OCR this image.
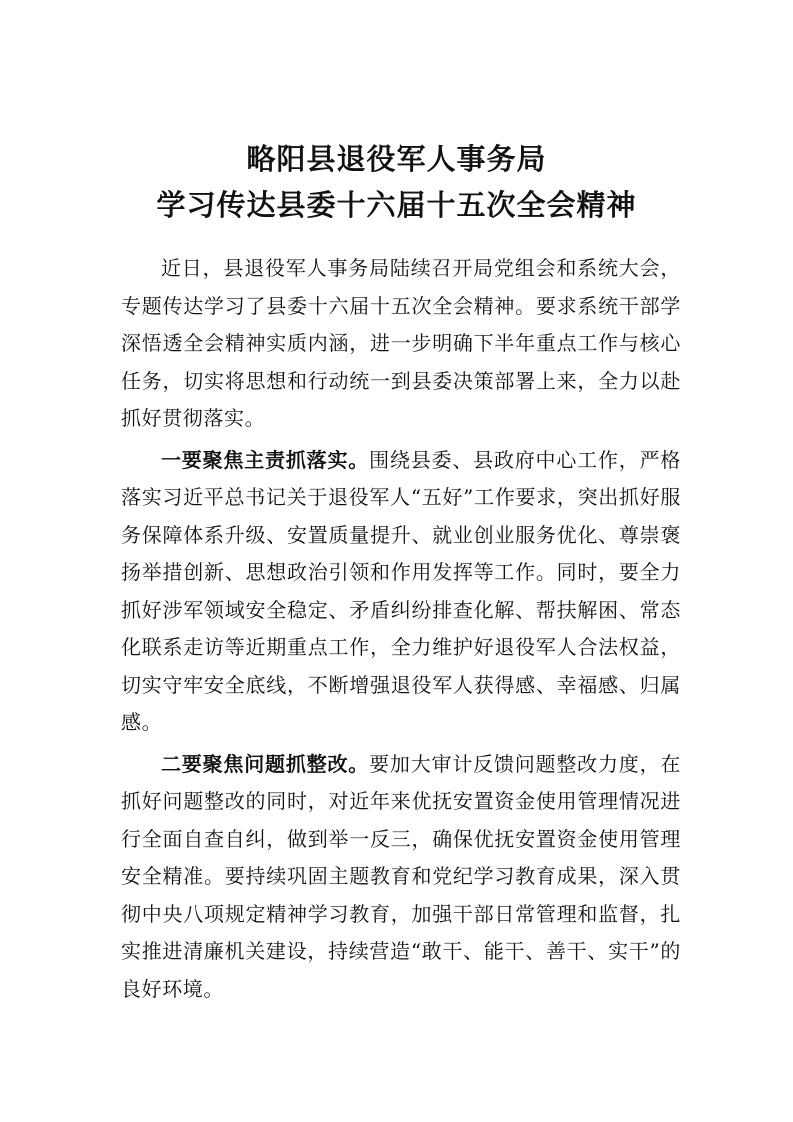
略阳县退役军人事务局
学习传达县委十六届十五次全会精神

近日，县退役军人事务局陆续召开局党组会和系统大会，专题传达学习了县委十六届十五次全会精神。要求系统干部学深悟透全会精神实质内涵，进一步明确下半年重点工作与核心任务，切实将思想和行动统一到县委决策部署上来，全力以赴抓好贯彻落实。

一要聚焦主责抓落实。围绕县委、县政府中心工作，严格落实习近平总书记关于退役军人“五好”工作要求，突出抓好服务保障体系升级、安置质量提升、就业创业服务优化、尊崇褒扬举措创新、思想政治引领和作用发挥等工作。同时，要全力抓好涉军领域安全稳定、矛盾纠纷排查化解、帮扶解困、常态化联系走访等近期重点工作，全力维护好退役军人合法权益，切实守牢安全底线，不断增强退役军人获得感、幸福感、归属感。

二要聚焦问题抓整改。要加大审计反馈问题整改力度，在抓好问题整改的同时，对近年来优抚安置资金使用管理情况进行全面自查自纠，做到举一反三，确保优抚安置资金使用管理安全精准。要持续巩固主题教育和党纪学习教育成果，深入贯彻中央八项规定精神学习教育，加强干部日常管理和监督，扎实推进清廉机关建设，持续营造“敢干、能干、善干、实干”的良好环境。
